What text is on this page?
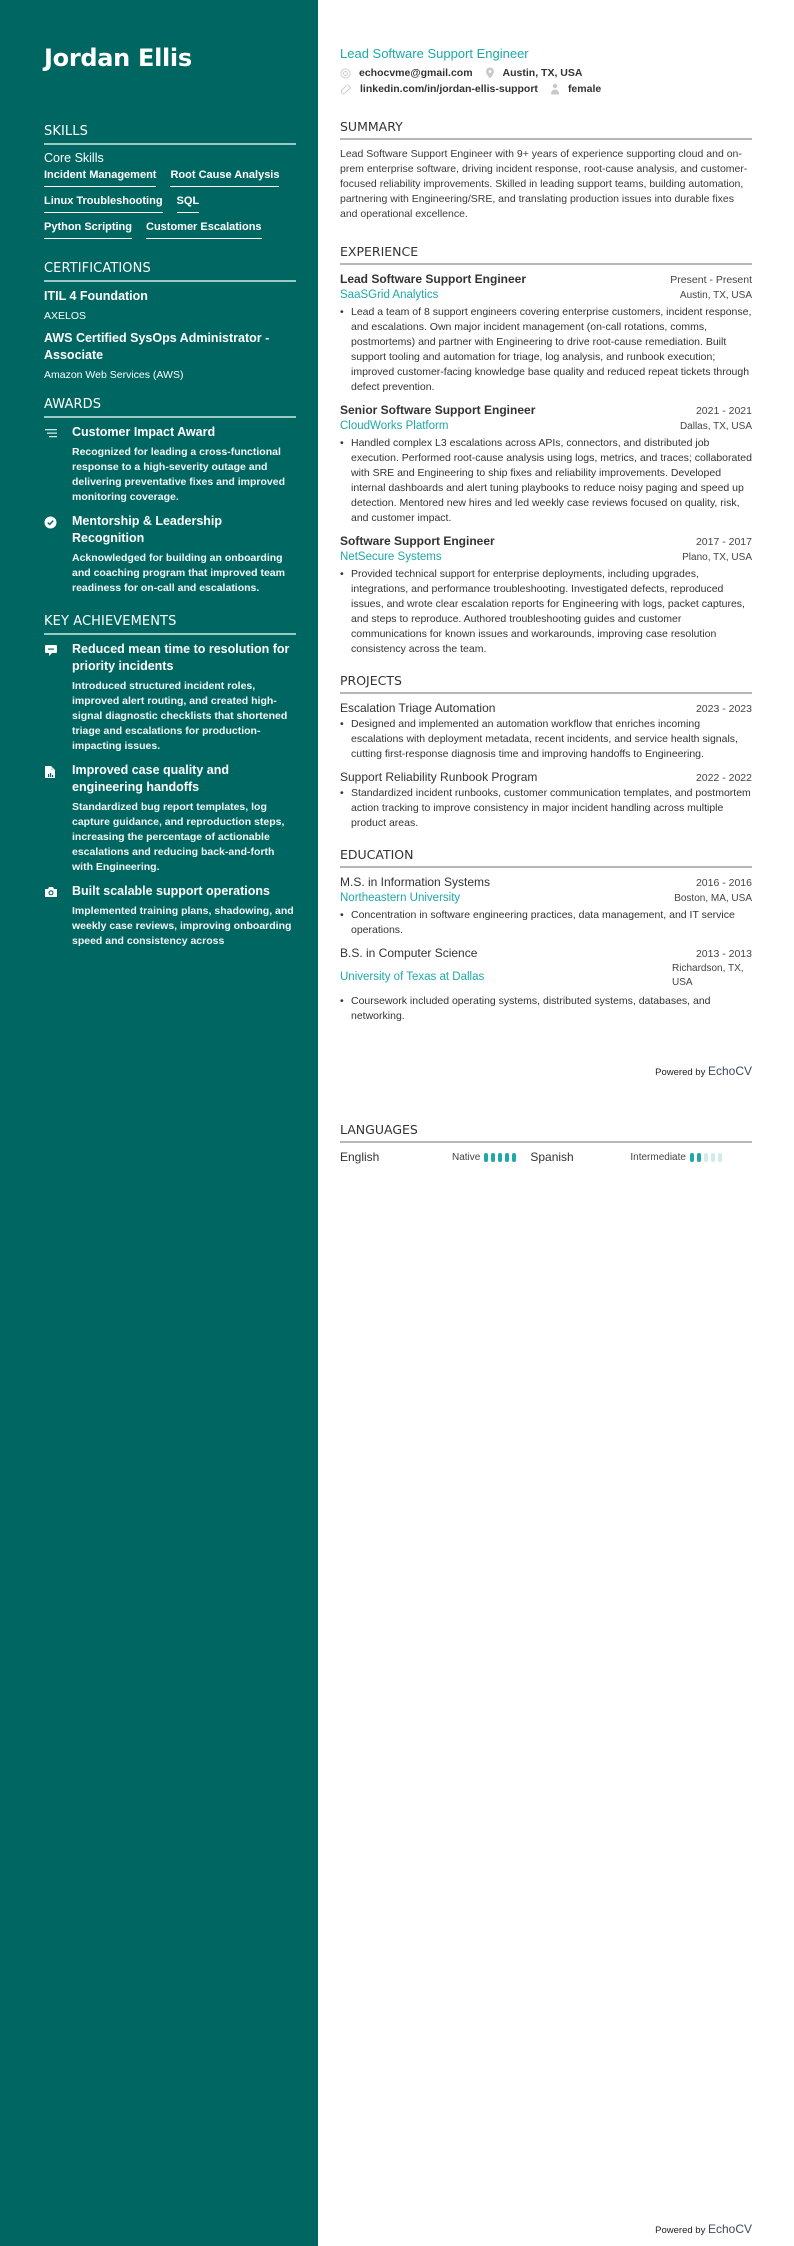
Jordan Ellis
SKILLS
Core Skills
Incident Management Root Cause Analysis
Linux Troubleshooting SQL
Python Scripting Customer Escalations
CERTIFICATIONS
ITIL 4 Foundation
AXELOS
AWS Certified SysOps Administrator - Associate
Amazon Web Services (AWS)
AWARDS
Customer Impact Award
Recognized for leading a cross-functional response to a high-severity outage and delivering preventative fixes and improved monitoring coverage.
Mentorship & Leadership Recognition
Acknowledged for building an onboarding and coaching program that improved team readiness for on-call and escalations.
KEY ACHIEVEMENTS
Reduced mean time to resolution for priority incidents
Introduced structured incident roles, improved alert routing, and created high-signal diagnostic checklists that shortened triage and escalations for production-impacting issues.
Improved case quality and engineering handoffs
Standardized bug report templates, log capture guidance, and reproduction steps, increasing the percentage of actionable escalations and reducing back-and-forth with Engineering.
Built scalable support operations
Implemented training plans, shadowing, and weekly case reviews, improving onboarding speed and consistency across
Lead Software Support Engineer
echocvme@gmail.com	Austin, TX, USA
linkedin.com/in/jordan-ellis-support	female
SUMMARY

Lead Software Support Engineer with 9+ years of experience supporting cloud and on-prem enterprise software, driving incident response, root-cause analysis, and customer-focused reliability improvements. Skilled in leading support teams, building automation, partnering with Engineering/SRE, and translating production issues into durable fixes and operational excellence.

EXPERIENCE
Lead Software Support Engineer	Present - Present
SaaSGrid Analytics	Austin, TX, USA
• Lead a team of 8 support engineers covering enterprise customers, incident response, and escalations. Own major incident management (on-call rotations, comms, postmortems) and partner with Engineering to drive root-cause remediation. Built support tooling and automation for triage, log analysis, and runbook execution; improved customer-facing knowledge base quality and reduced repeat tickets through defect prevention.
Senior Software Support Engineer	2021 - 2021
CloudWorks Platform	Dallas, TX, USA
• Handled complex L3 escalations across APIs, connectors, and distributed job execution. Performed root-cause analysis using logs, metrics, and traces; collaborated with SRE and Engineering to ship fixes and reliability improvements. Developed internal dashboards and alert tuning playbooks to reduce noisy paging and speed up detection. Mentored new hires and led weekly case reviews focused on quality, risk, and customer impact.
Software Support Engineer	2017 - 2017
NetSecure Systems	Plano, TX, USA
• Provided technical support for enterprise deployments, including upgrades, integrations, and performance troubleshooting. Investigated defects, reproduced issues, and wrote clear escalation reports for Engineering with logs, packet captures, and steps to reproduce. Authored troubleshooting guides and customer communications for known issues and workarounds, improving case resolution consistency across the team.
PROJECTS
Escalation Triage Automation	2023 - 2023
• Designed and implemented an automation workflow that enriches incoming escalations with deployment metadata, recent incidents, and service health signals, cutting first-response diagnosis time and improving handoffs to Engineering.
Support Reliability Runbook Program	2022 - 2022
• Standardized incident runbooks, customer communication templates, and postmortem action tracking to improve consistency in major incident handling across multiple product areas.
EDUCATION
M.S. in Information Systems	2016 - 2016
Northeastern University	Boston, MA, USA
• Concentration in software engineering practices, data management, and IT service operations.
B.S. in Computer Science	2013 - 2013
University of Texas at Dallas
Richardson, TX, USA
• Coursework included operating systems, distributed systems, databases, and networking.
Powered by EchoCV
LANGUAGES
English	Native	Spanish	Intermediate
Powered by EchoCV
